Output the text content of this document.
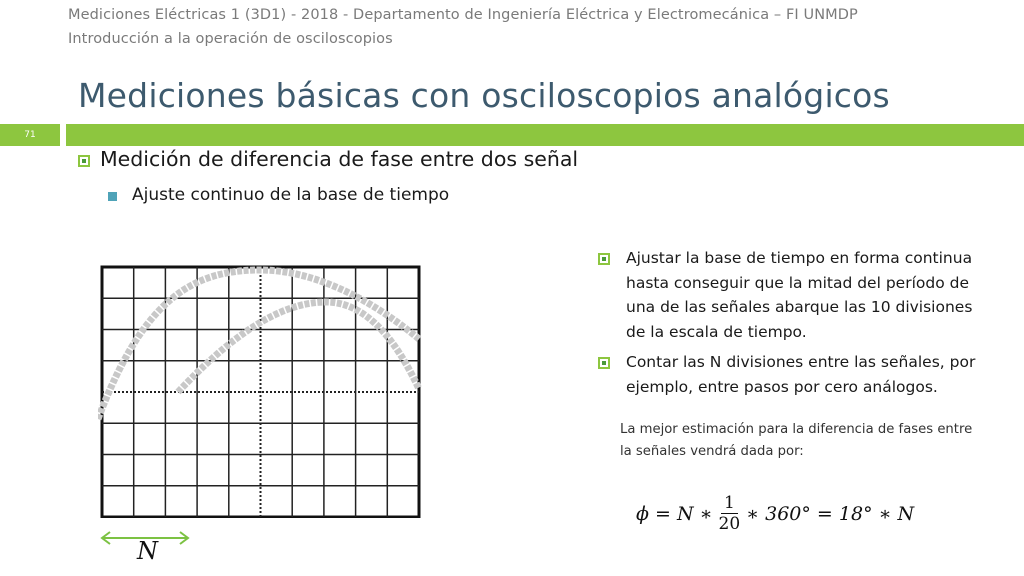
Mediciones Eléctricas 1 (3D1) - 2018 - Departamento de Ingeniería Eléctrica y Electromecánica – FI UNMDP
Introducción a la operación de osciloscopios
Mediciones básicas con osciloscopios analógicos
71
Medición de diferencia de fase entre dos señal
Ajuste continuo de la base de tiempo
Ajustar la base de tiempo en forma continua hasta conseguir que la mitad del período de una de las señales abarque las 10 divisiones de la escala de tiempo.
Contar las N divisiones entre las señales, por ejemplo, entre pasos por cero análogos.
La mejor estimación para la diferencia de fases entre
la señales vendrá dada por:
N
ϕ = N ∗ $\frac{1}{20}$ ∗ 360° = 18° ∗ N
